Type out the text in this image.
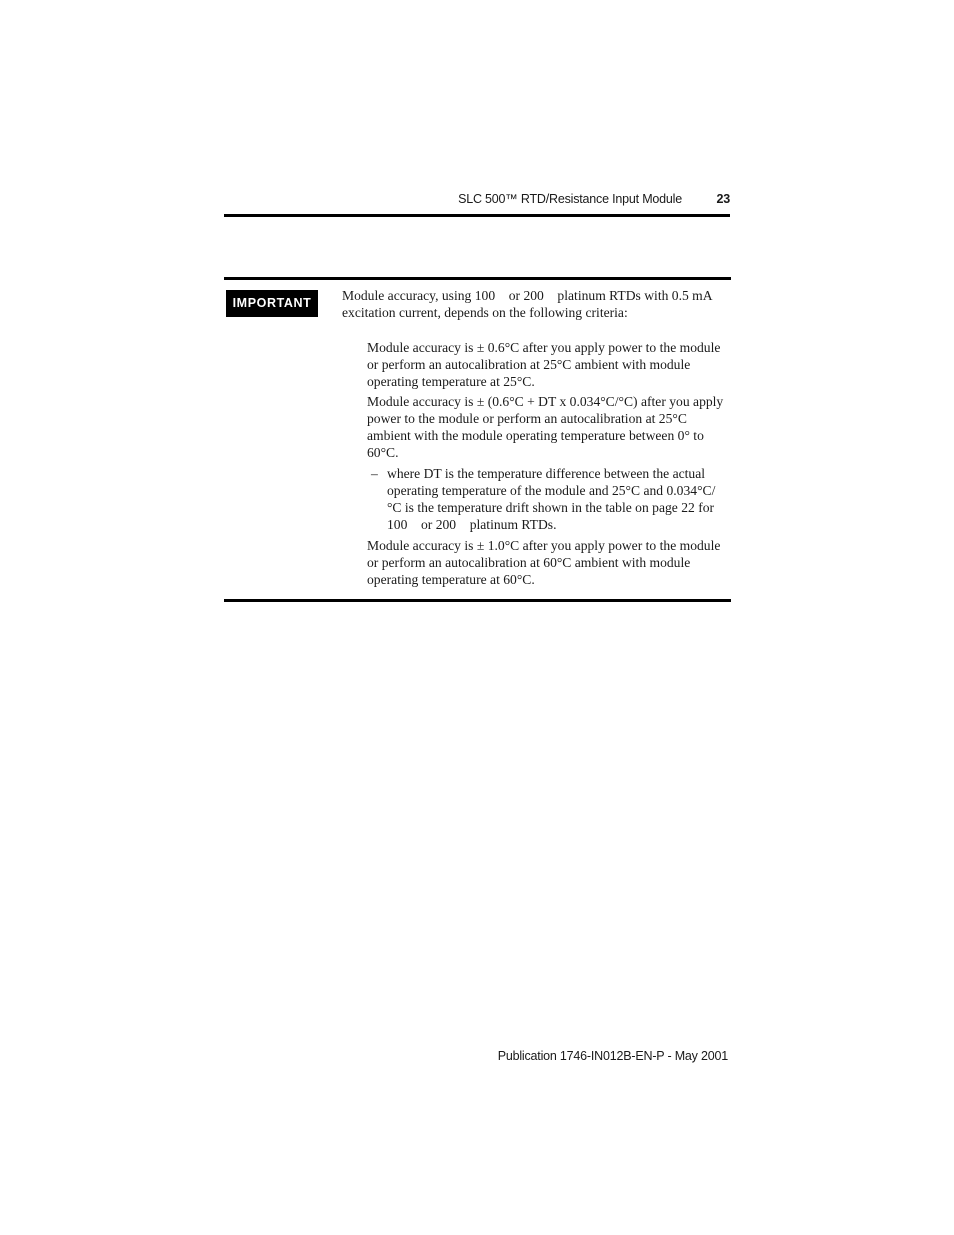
SLC 500™ RTD/Resistance Input Module	23
IMPORTANT	Module accuracy, using 100    or 200    platinum RTDs with 0.5 mA excitation current, depends on the following criteria:
Module accuracy is ± 0.6°C after you apply power to the module or perform an autocalibration at 25°C ambient with module operating temperature at 25°C.
Module accuracy is ± (0.6°C + DT x 0.034°C/°C) after you apply power to the module or perform an autocalibration at 25°C ambient with the module operating temperature between 0° to 60°C.
– where DT is the temperature difference between the actual operating temperature of the module and 25°C and 0.034°C/°C is the temperature drift shown in the table on page 22 for 100    or 200    platinum RTDs.
Module accuracy is ± 1.0°C after you apply power to the module or perform an autocalibration at 60°C ambient with module operating temperature at 60°C.
Publication 1746-IN012B-EN-P - May 2001
